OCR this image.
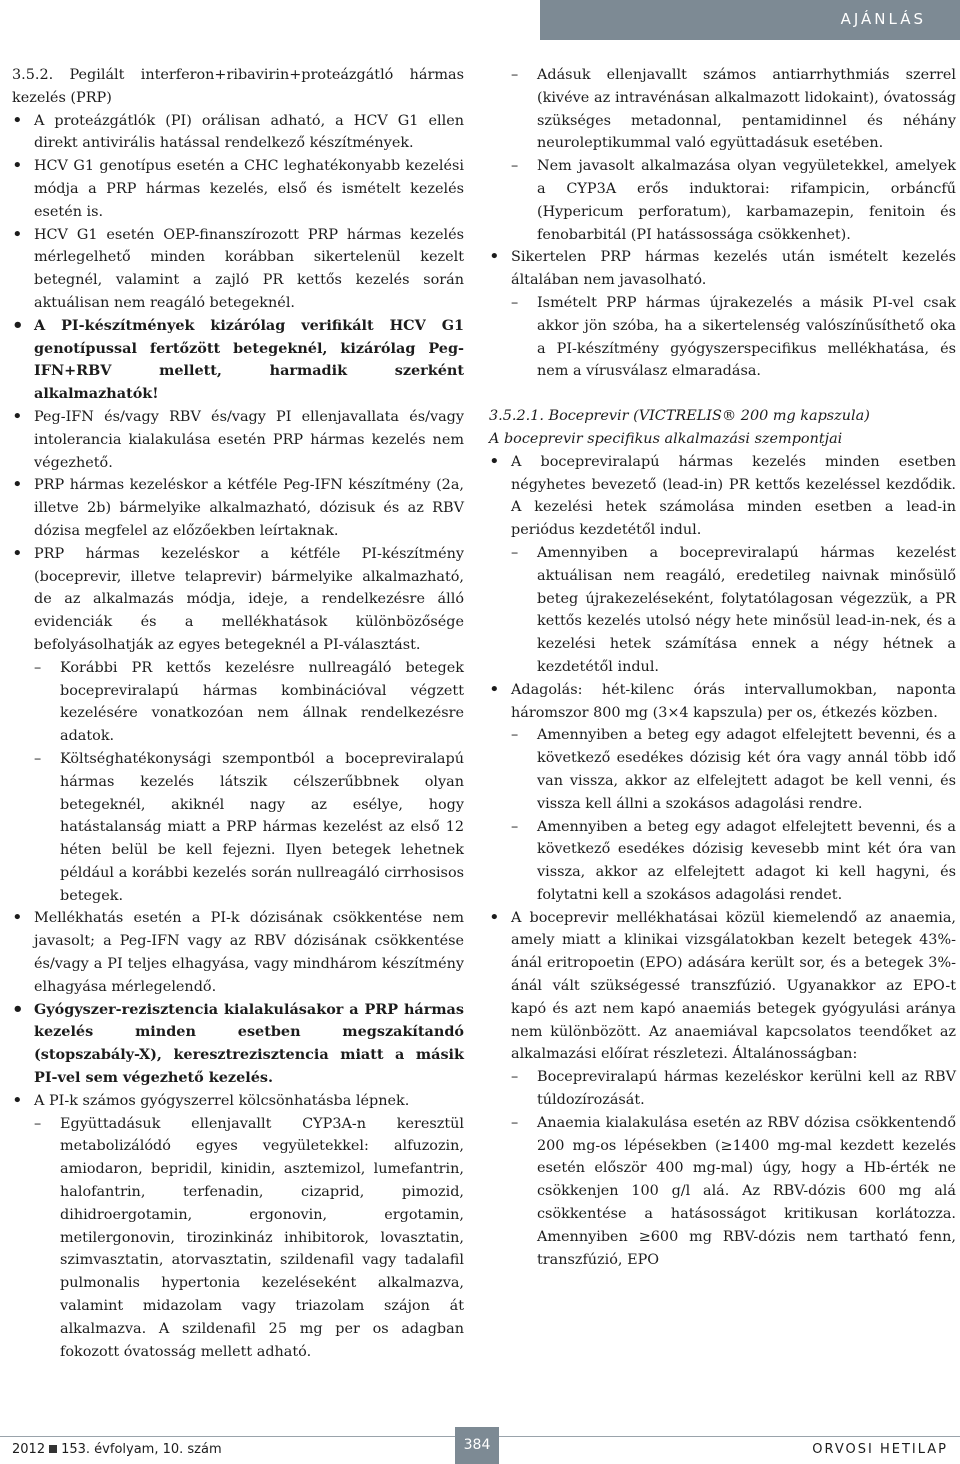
AJÁNLÁS

3.5.2. Pegilált interferon+ribavirin+proteázgátló hármas kezelés (PRP)

• A proteázgátlók (PI) orálisan adható, a HCV G1 ellen direkt antivirális hatással rendelkező készítmények.
• HCV G1 genotípus esetén a CHC leghatékonyabb kezelési módja a PRP hármas kezelés, első és ismételt kezelés esetén is.
• HCV G1 esetén OEP-finanszírozott PRP hármas kezelés mérlegelhető minden korábban sikertelenül kezelt betegnél, valamint a zajló PR kettős kezelés során aktuálisan nem reagáló betegeknél.
• A PI-készítmények kizárólag verifikált HCV G1 genotípussal fertőzött betegeknél, kizárólag Peg-IFN+RBV mellett, harmadik szerként alkalmazhatók!
• Peg-IFN és/vagy RBV és/vagy PI ellenjavallata és/vagy intolerancia kialakulása esetén PRP hármas kezelés nem végezhető.
• PRP hármas kezeléskor a kétféle Peg-IFN készítmény (2a, illetve 2b) bármelyike alkalmazható, dózisuk és az RBV dózisa megfelel az előzőekben leírtaknak.
• PRP hármas kezeléskor a kétféle PI-készítmény (boceprevir, illetve telaprevir) bármelyike alkalmazható, de az alkalmazás módja, ideje, a rendelkezésre álló evidenciák és a mellékhatások különbözősége befolyásolhatják az egyes betegeknél a PI-választást.
– Korábbi PR kettős kezelésre nullreagáló betegek bocepreviralapú hármas kombinációval végzett kezelésére vonatkozóan nem állnak rendelkezésre adatok.
– Költséghatékonysági szempontból a bocepreviralapú hármas kezelés látszik célszerűbbnek olyan betegeknél, akiknél nagy az esélye, hogy hatástalanság miatt a PRP hármas kezelést az első 12 héten belül be kell fejezni. Ilyen betegek lehetnek például a korábbi kezelés során nullreagáló cirrhosisos betegek.
• Mellékhatás esetén a PI-k dózisának csökkentése nem javasolt; a Peg-IFN vagy az RBV dózisának csökkentése és/vagy a PI teljes elhagyása, vagy mindhárom készítmény elhagyása mérlegelendő.
• Gyógyszer-rezisztencia kialakulásakor a PRP hármas kezelés minden esetben megszakítandó (stopszabály-X), keresztrezisztencia miatt a másik PI-vel sem végezhető kezelés.
• A PI-k számos gyógyszerrel kölcsönhatásba lépnek.
– Együttadásuk ellenjavallt CYP3A-n keresztül metabolizálódó egyes vegyületekkel: alfuzozin, amiodaron, bepridil, kinidin, asztemizol, lumefantrin, halofantrin, terfenadin, cizaprid, pimozid, dihidroergotamin, ergonovin, ergotamin, metilergonovin, tirozinkináz inhibitorok, lovasztatin, szimvasztatin, atorvasztatin, szildenafil vagy tadalafil pulmonalis hypertonia kezeléseként alkalmazva, valamint midazolam vagy triazolam szájon át alkalmazva. A szildenafil 25 mg per os adagban fokozott óvatosság mellett adható.
– Adásuk ellenjavallt számos antiarrhythmiás szerrel (kivéve az intravénásan alkalmazott lidokaint), óvatosság szükséges metadonnal, pentamidinnel és néhány neuroleptikummal való együttadásuk esetében.
– Nem javasolt alkalmazása olyan vegyületekkel, amelyek a CYP3A erős induktorai: rifampicin, orbáncfű (Hypericum perforatum), karbamazepin, fenitoin és fenobarbitál (PI hatássossága csökkenhet).
• Sikertelen PRP hármas kezelés után ismételt kezelés általában nem javasolható.
– Ismételt PRP hármas újrakezelés a másik PI-vel csak akkor jön szóba, ha a sikertelenség valószínűsíthető oka a PI-készítmény gyógyszerspecifikus mellékhatása, és nem a vírusválasz elmaradása.

3.5.2.1. Boceprevir (VICTRELIS® 200 mg kapszula)

A boceprevir specifikus alkalmazási szempontjai

• A bocepreviralapú hármas kezelés minden esetben négyhetes bevezető (lead-in) PR kettős kezeléssel kezdődik. A kezelési hetek számolása minden esetben a lead-in periódus kezdetétől indul.
– Amennyiben a bocepreviralapú hármas kezelést aktuálisan nem reagáló, eredetileg naivnak minősülő beteg újrakezeléseként, folytatólagosan végezzük, a PR kettős kezelés utolsó négy hete minősül lead-in-nek, és a kezelési hetek számítása ennek a négy hétnek a kezdetétől indul.
• Adagolás: hét-kilenc órás intervallumokban, naponta háromszor 800 mg (3×4 kapszula) per os, étkezés közben.
– Amennyiben a beteg egy adagot elfelejtett bevenni, és a következő esedékes dózisig két óra vagy annál több idő van vissza, akkor az elfelejtett adagot be kell venni, és vissza kell állni a szokásos adagolási rendre.
– Amennyiben a beteg egy adagot elfelejtett bevenni, és a következő esedékes dózisig kevesebb mint két óra van vissza, akkor az elfelejtett adagot ki kell hagyni, és folytatni kell a szokásos adagolási rendet.
• A boceprevir mellékhatásai közül kiemelendő az anaemia, amely miatt a klinikai vizsgálatokban kezelt betegek 43%-ánál eritropoetin (EPO) adására került sor, és a betegek 3%-ánál vált szükségessé transzfúzió. Ugyanakkor az EPO-t kapó és azt nem kapó anaemiás betegek gyógyulási aránya nem különbözött. Az anaemiával kapcsolatos teendőket az alkalmazási előírat részletezi. Általánosságban:
– Bocepreviralapú hármas kezeléskor kerülni kell az RBV túldozírozását.
– Anaemia kialakulása esetén az RBV dózisa csökkentendő 200 mg-os lépésekben (≥1400 mg-mal kezdett kezelés esetén először 400 mg-mal) úgy, hogy a Hb-érték ne csökkenjen 100 g/l alá. Az RBV-dózis 600 mg alá csökkentése a hatásosságot kritikusan korlátozza. Amennyiben ≥600 mg RBV-dózis nem tartható fenn, transzfúzió, EPO
2012 153. évfolyam, 10. szám	384	ORVOSI HETILAP
